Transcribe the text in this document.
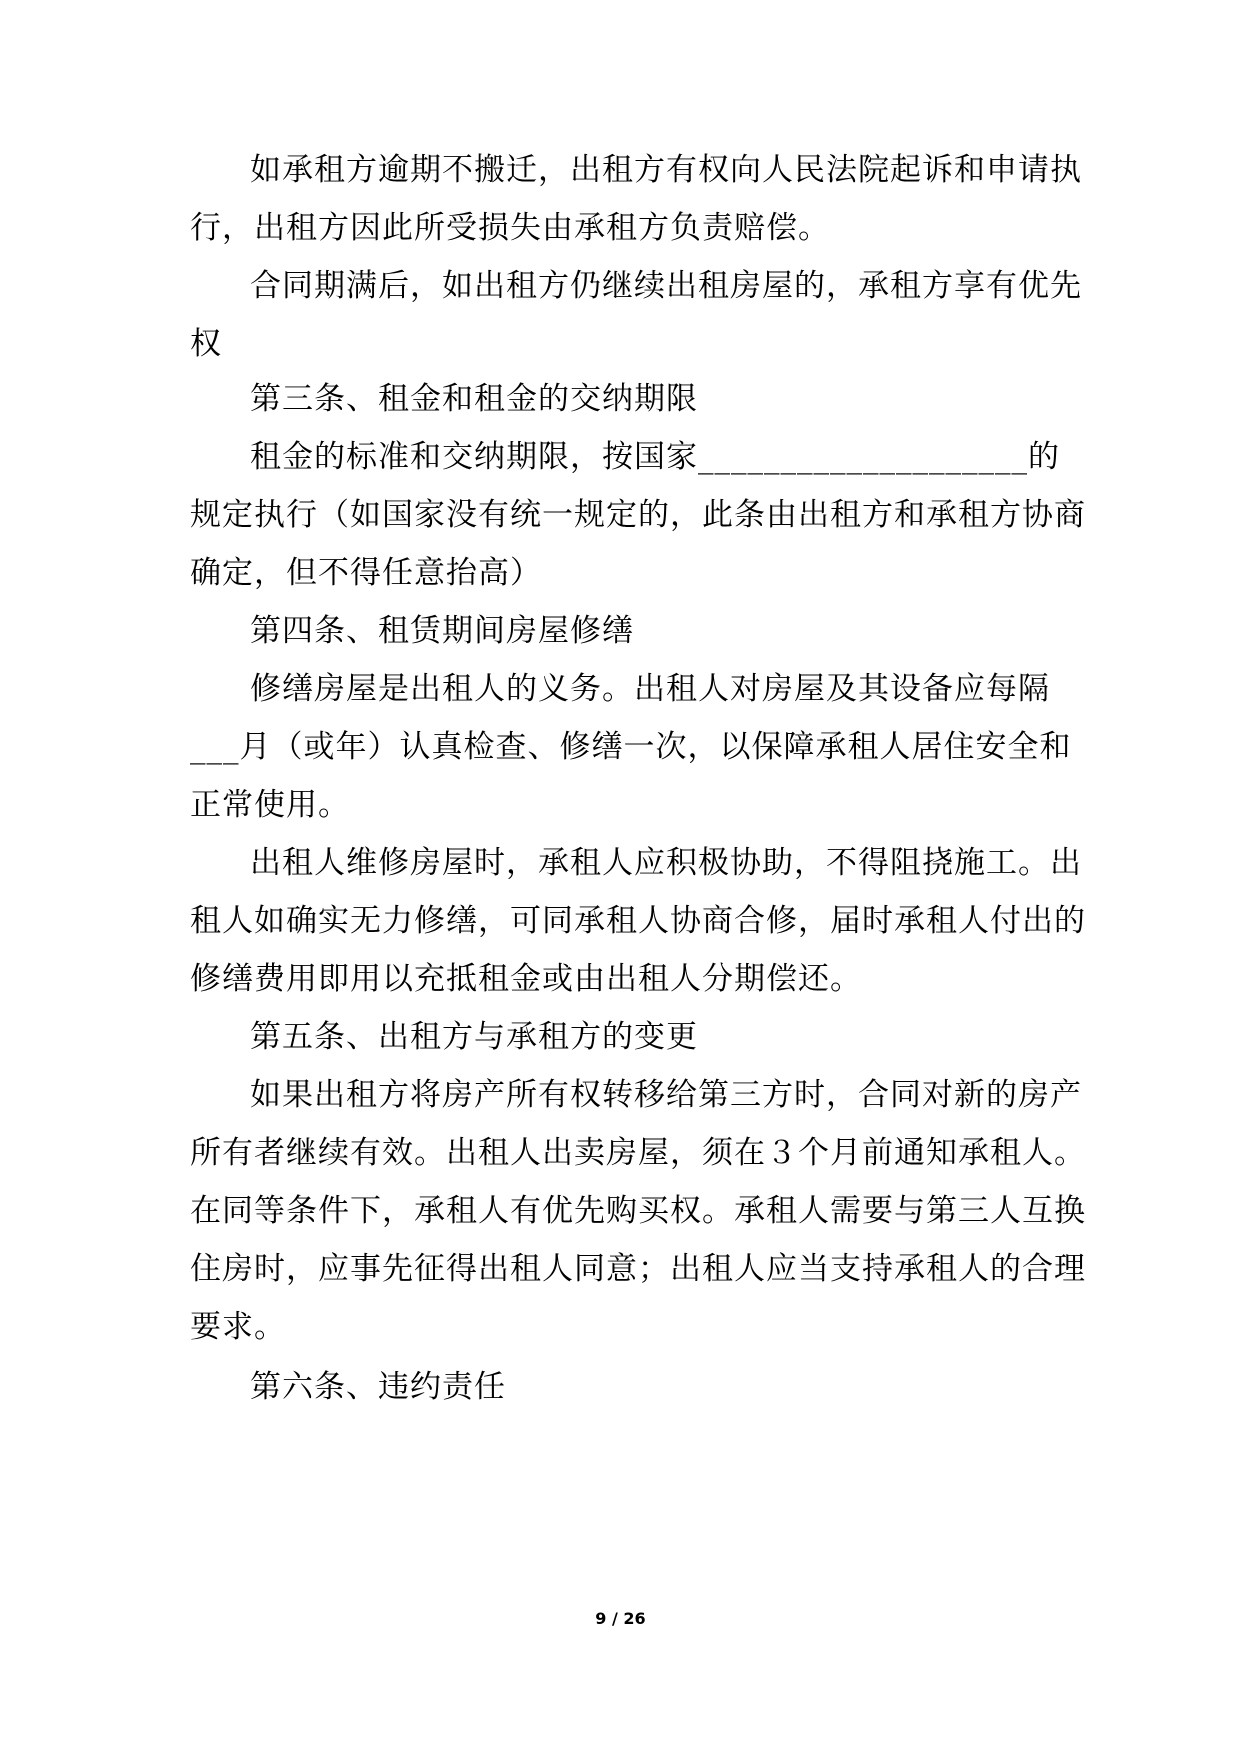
如承租方逾期不搬迁，出租方有权向人民法院起诉和申请执
行，出租方因此所受损失由承租方负责赔偿。
合同期满后，如出租方仍继续出租房屋的，承租方享有优先
权
第三条、租金和租金的交纳期限
租金的标准和交纳期限，按国家____________________的
规定执行（如国家没有统一规定的，此条由出租方和承租方协商
确定，但不得任意抬高）
第四条、租赁期间房屋修缮
修缮房屋是出租人的义务。出租人对房屋及其设备应每隔
___月（或年）认真检查、修缮一次，以保障承租人居住安全和
正常使用。
出租人维修房屋时，承租人应积极协助，不得阻挠施工。出
租人如确实无力修缮，可同承租人协商合修，届时承租人付出的
修缮费用即用以充抵租金或由出租人分期偿还。
第五条、出租方与承租方的变更
如果出租方将房产所有权转移给第三方时，合同对新的房产
所有者继续有效。出租人出卖房屋，须在３个月前通知承租人。
在同等条件下，承租人有优先购买权。承租人需要与第三人互换
住房时，应事先征得出租人同意；出租人应当支持承租人的合理
要求。
第六条、违约责任
9 / 26
